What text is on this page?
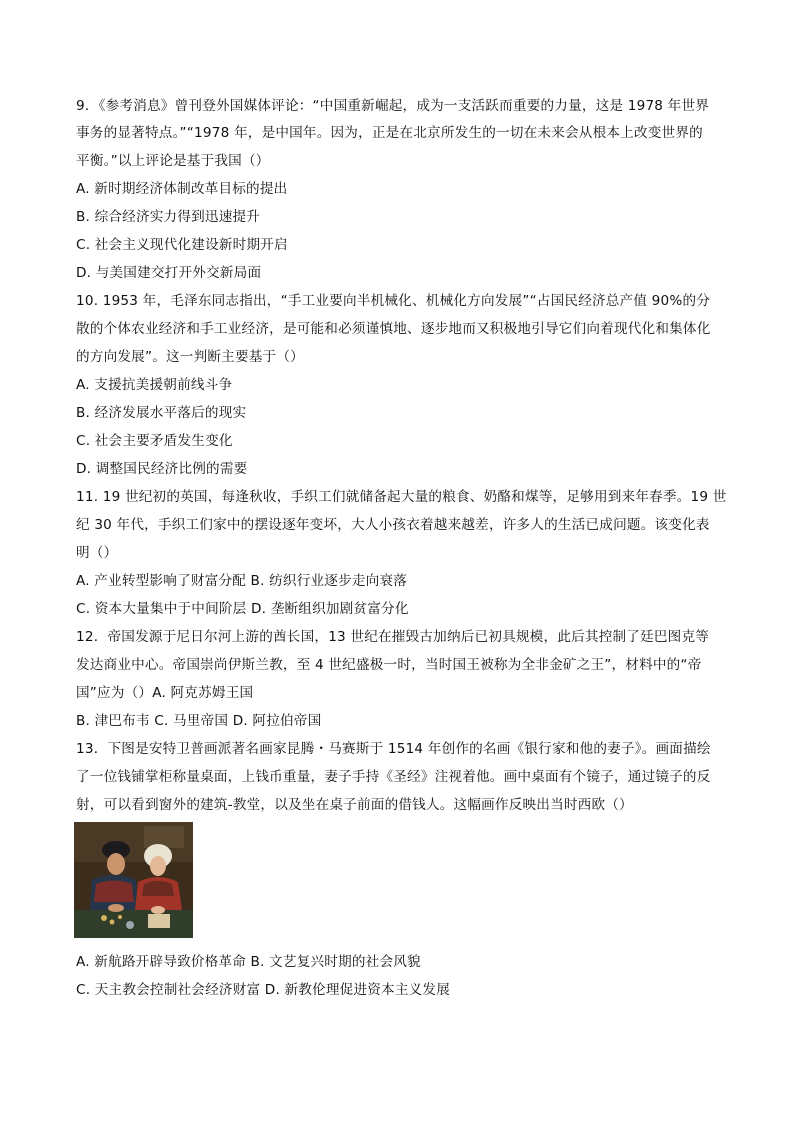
9．《参考消息》曾刊登外国媒体评论：“中国重新崛起，成为一支活跃而重要的力量，这是 1978 年世界
事务的显著特点。”“1978 年，是中国年。因为，正是在北京所发生的一切在未来会从根本上改变世界的
平衡。”以上评论是基于我国（）
A. 新时期经济体制改革目标的提出
B. 综合经济实力得到迅速提升
C. 社会主义现代化建设新时期开启
D. 与美国建交打开外交新局面
10. 1953 年，毛泽东同志指出，“手工业要向半机械化、机械化方向发展”“占国民经济总产值 90%的分
散的个体农业经济和手工业经济，是可能和必须谨慎地、逐步地而又积极地引导它们向着现代化和集体化
的方向发展”。这一判断主要基于（）
A. 支援抗美援朝前线斗争
B. 经济发展水平落后的现实
C. 社会主要矛盾发生变化
D. 调整国民经济比例的需要
11. 19 世纪初的英国，每逢秋收，手织工们就储备起大量的粮食、奶酪和煤等，足够用到来年春季。19 世
纪 30 年代，手织工们家中的摆设逐年变坏，大人小孩衣着越来越差，许多人的生活已成问题。该变化表
明（）
A. 产业转型影响了财富分配 B. 纺织行业逐步走向衰落
C. 资本大量集中于中间阶层 D. 垄断组织加剧贫富分化
12．帝国发源于尼日尔河上游的酋长国，13 世纪在摧毁古加纳后已初具规模，此后其控制了廷巴图克等
发达商业中心。帝国崇尚伊斯兰教，至 4 世纪盛极一时，当时国王被称为全非金矿之王”，材料中的“帝
国”应为（）A. 阿克苏姆王国
B. 津巴布韦 C. 马里帝国 D. 阿拉伯帝国
13．下图是安特卫普画派著名画家昆腾・马赛斯于 1514 年创作的名画《银行家和他的妻子》。画面描绘
了一位钱铺掌柜称量桌面，上钱币重量，妻子手持《圣经》注视着他。画中桌面有个镜子，通过镜子的反
射，可以看到窗外的建筑-教堂，以及坐在桌子前面的借钱人。这幅画作反映出当时西欧（）
A. 新航路开辟导致价格革命 B. 文艺复兴时期的社会风貌
C. 天主教会控制社会经济财富 D. 新教伦理促进资本主义发展
